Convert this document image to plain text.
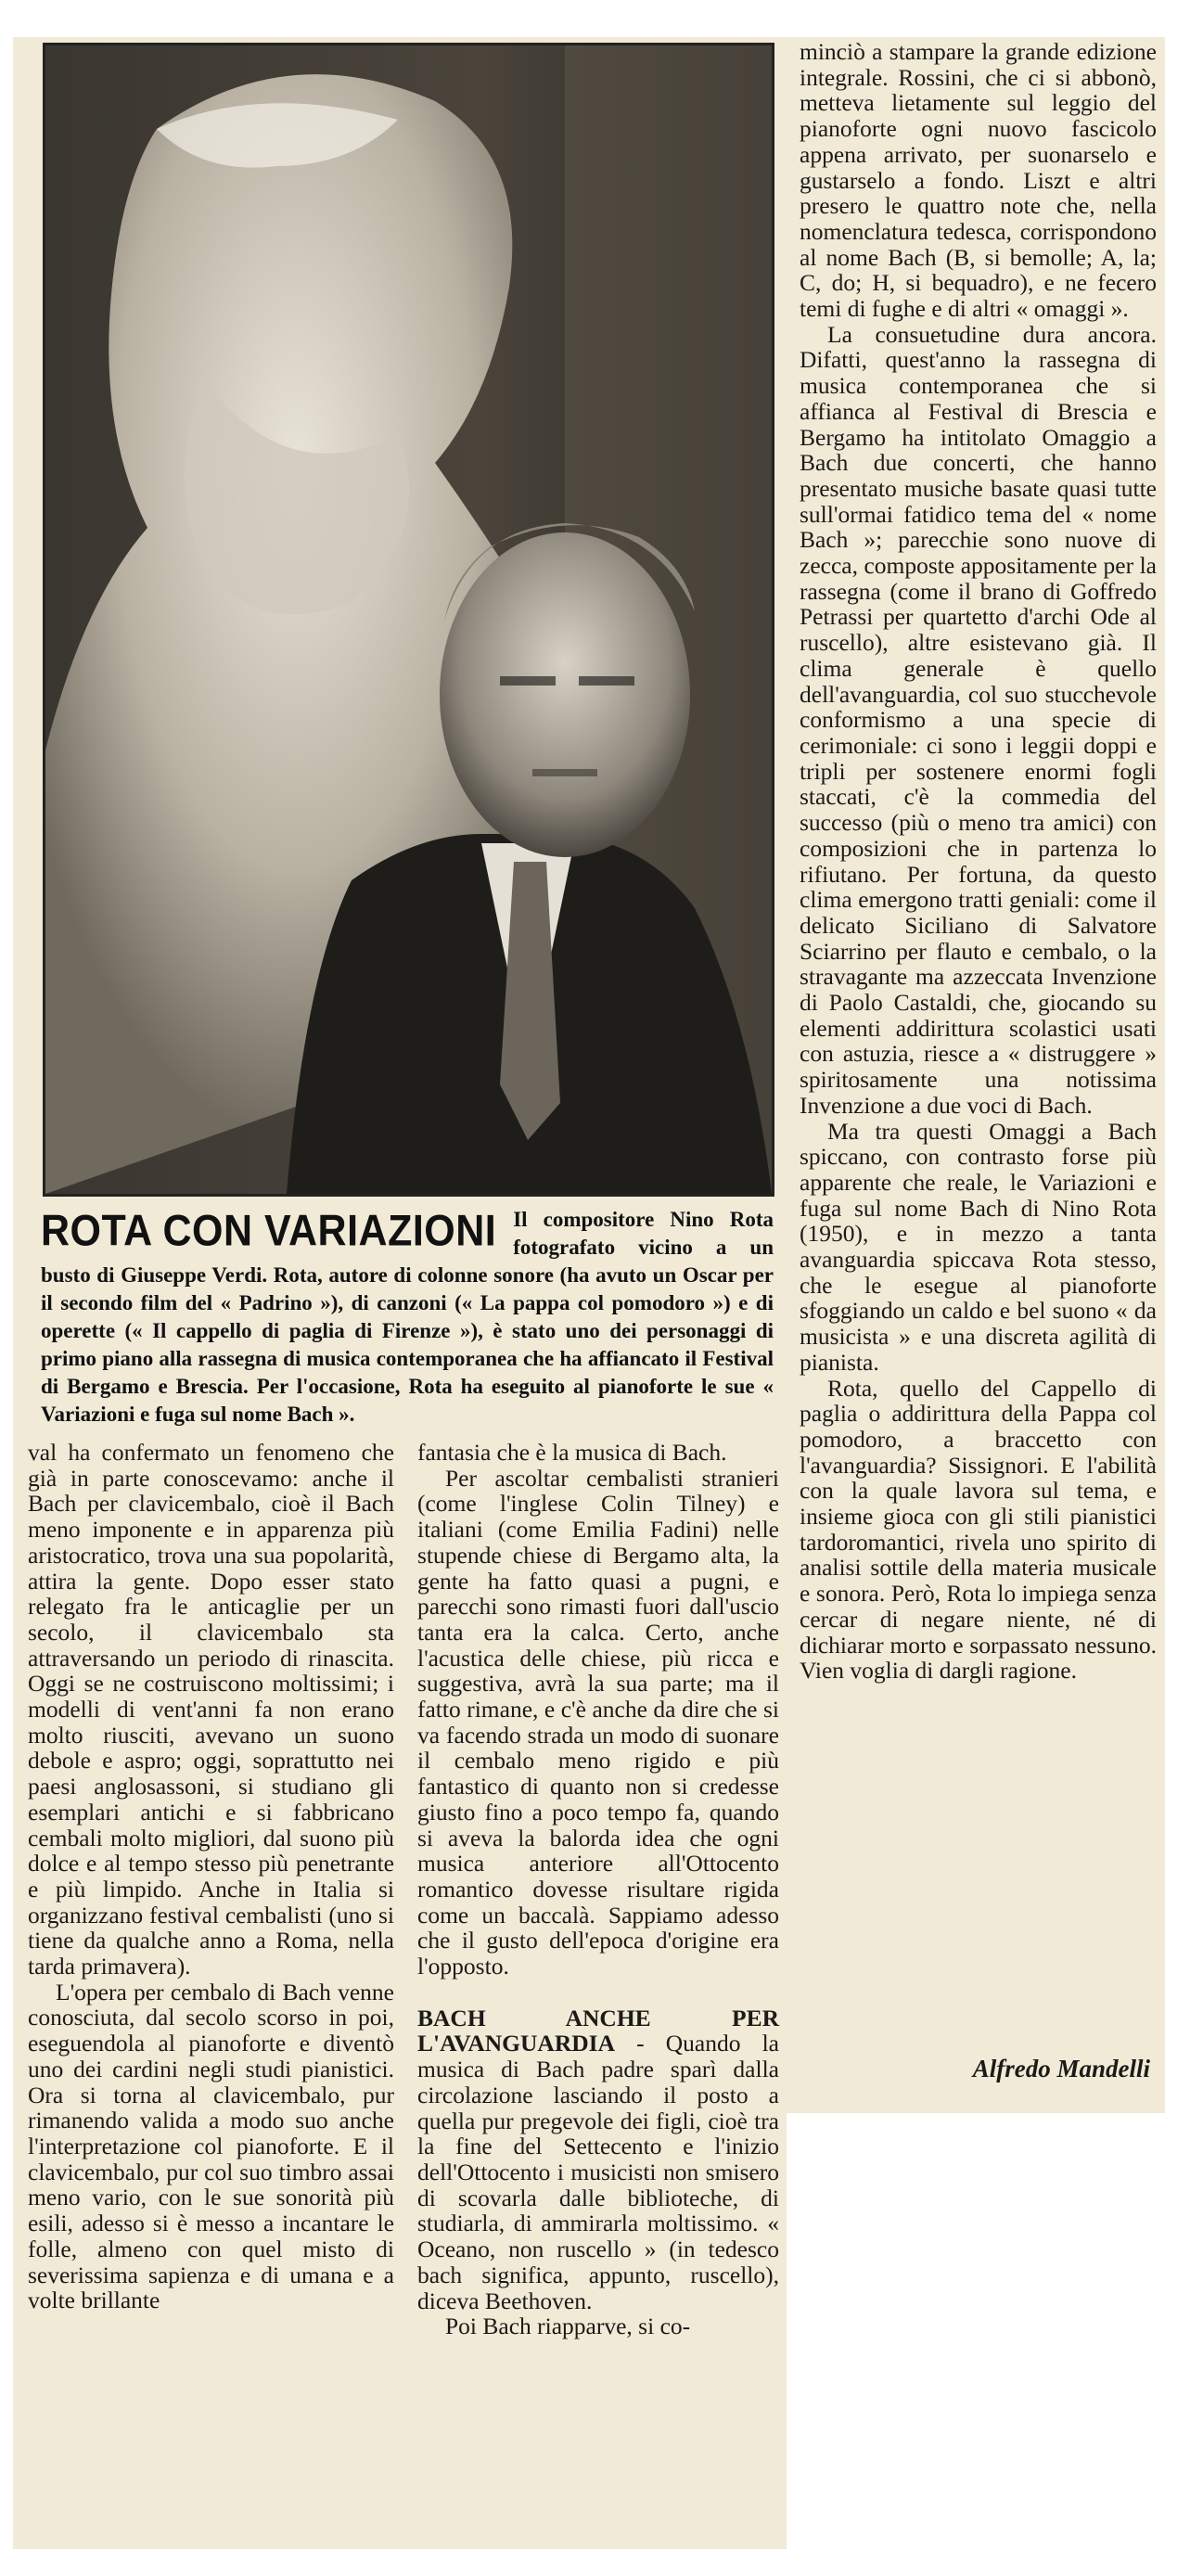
ROTA CON VARIAZIONI Il compositore Nino Rota fotografato vicino a un busto di Giuseppe Verdi. Rota, autore di colonne sonore (ha avuto un Oscar per il secondo film del « Padrino »), di canzoni (« La pappa col pomodoro ») e di operette (« Il cappello di paglia di Firenze »), è stato uno dei personaggi di primo piano alla rassegna di musica contemporanea che ha affiancato il Festival di Bergamo e Brescia. Per l'occasione, Rota ha eseguito al pianoforte le sue « Variazioni e fuga sul nome Bach ».

minciò a stampare la grande edizione integrale. Rossini, che ci si abbonò, metteva lietamente sul leggio del pianoforte ogni nuovo fascicolo appena arrivato, per suonarselo e gustarselo a fondo. Liszt e altri presero le quattro note che, nella nomenclatura tedesca, corrispondono al nome Bach (B, si bemolle; A, la; C, do; H, si bequadro), e ne fecero temi di fughe e di altri « omaggi ».

La consuetudine dura ancora. Difatti, quest'anno la rassegna di musica contemporanea che si affianca al Festival di Brescia e Bergamo ha intitolato Omaggio a Bach due concerti, che hanno presentato musiche basate quasi tutte sull'ormai fatidico tema del « nome Bach »; parecchie sono nuove di zecca, composte appositamente per la rassegna (come il brano di Goffredo Petrassi per quartetto d'archi Ode al ruscello), altre esistevano già. Il clima generale è quello dell'avanguardia, col suo stucchevole conformismo a una specie di cerimoniale: ci sono i leggii doppi e tripli per sostenere enormi fogli staccati, c'è la commedia del successo (più o meno tra amici) con composizioni che in partenza lo rifiutano. Per fortuna, da questo clima emergono tratti geniali: come il delicato Siciliano di Salvatore Sciarrino per flauto e cembalo, o la stravagante ma azzeccata Invenzione di Paolo Castaldi, che, giocando su elementi addirittura scolastici usati con astuzia, riesce a « distruggere » spiritosamente una notissima Invenzione a due voci di Bach.

Ma tra questi Omaggi a Bach spiccano, con contrasto forse più apparente che reale, le Variazioni e fuga sul nome Bach di Nino Rota (1950), e in mezzo a tanta avanguardia spiccava Rota stesso, che le esegue al pianoforte sfoggiando un caldo e bel suono « da musicista » e una discreta agilità di pianista.

Rota, quello del Cappello di paglia o addirittura della Pappa col pomodoro, a braccetto con l'avanguardia? Sissignori. E l'abilità con la quale lavora sul tema, e insieme gioca con gli stili pianistici tardoromantici, rivela uno spirito di analisi sottile della materia musicale e sonora. Però, Rota lo impiega senza cercar di negare niente, né di dichiarar morto e sorpassato nessuno. Vien voglia di dargli ragione.

Alfredo Mandelli

val ha confermato un fenomeno che già in parte conoscevamo: anche il Bach per clavicembalo, cioè il Bach meno imponente e in apparenza più aristocratico, trova una sua popolarità, attira la gente. Dopo esser stato relegato fra le anticaglie per un secolo, il clavicembalo sta attraversando un periodo di rinascita. Oggi se ne costruiscono moltissimi; i modelli di vent'anni fa non erano molto riusciti, avevano un suono debole e aspro; oggi, soprattutto nei paesi anglosassoni, si studiano gli esemplari antichi e si fabbricano cembali molto migliori, dal suono più dolce e al tempo stesso più penetrante e più limpido. Anche in Italia si organizzano festival cembalisti (uno si tiene da qualche anno a Roma, nella tarda primavera).

L'opera per cembalo di Bach venne conosciuta, dal secolo scorso in poi, eseguendola al pianoforte e diventò uno dei cardini negli studi pianistici. Ora si torna al clavicembalo, pur rimanendo valida a modo suo anche l'interpretazione col pianoforte. E il clavicembalo, pur col suo timbro assai meno vario, con le sue sonorità più esili, adesso si è messo a incantare le folle, almeno con quel misto di severissima sapienza e di umana e a volte brillante

fantasia che è la musica di Bach.

Per ascoltar cembalisti stranieri (come l'inglese Colin Tilney) e italiani (come Emilia Fadini) nelle stupende chiese di Bergamo alta, la gente ha fatto quasi a pugni, e parecchi sono rimasti fuori dall'uscio tanta era la calca. Certo, anche l'acustica delle chiese, più ricca e suggestiva, avrà la sua parte; ma il fatto rimane, e c'è anche da dire che si va facendo strada un modo di suonare il cembalo meno rigido e più fantastico di quanto non si credesse giusto fino a poco tempo fa, quando si aveva la balorda idea che ogni musica anteriore all'Ottocento romantico dovesse risultare rigida come un baccalà. Sappiamo adesso che il gusto dell'epoca d'origine era l'opposto.

BACH ANCHE PER L'AVANGUARDIA - Quando la musica di Bach padre sparì dalla circolazione lasciando il posto a quella pur pregevole dei figli, cioè tra la fine del Settecento e l'inizio dell'Ottocento i musicisti non smisero di scovarla dalle biblioteche, di studiarla, di ammirarla moltissimo. « Oceano, non ruscello » (in tedesco bach significa, appunto, ruscello), diceva Beethoven.

Poi Bach riapparve, si co-
